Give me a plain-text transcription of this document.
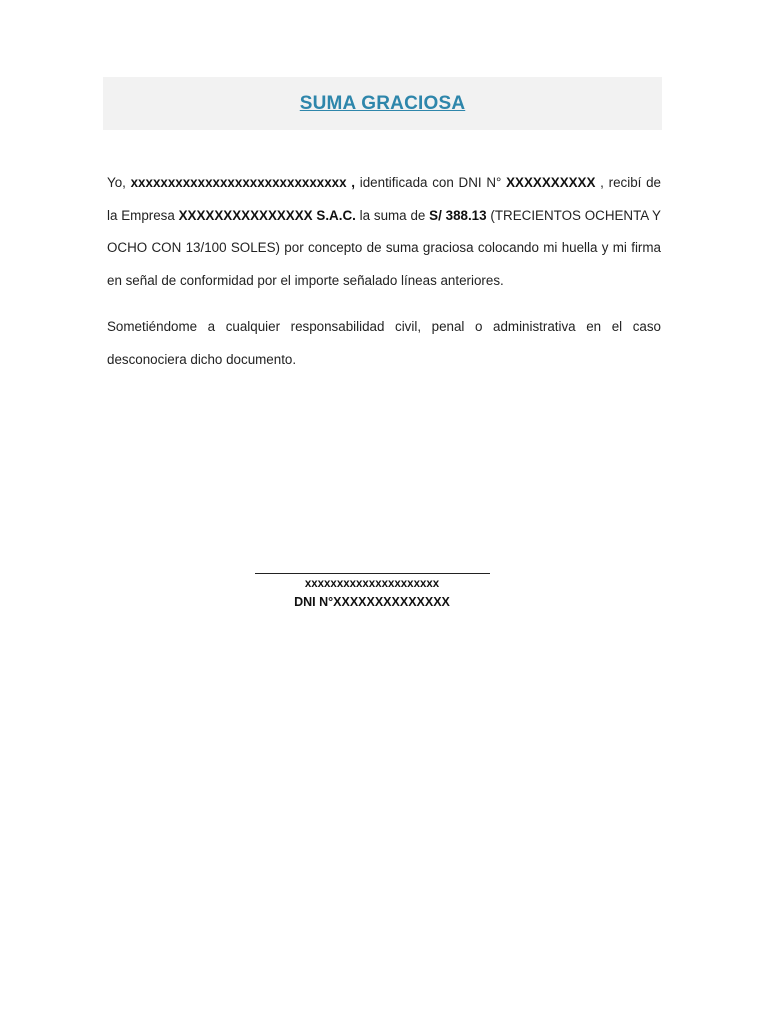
SUMA GRACIOSA
Yo, xxxxxxxxxxxxxxxxxxxxxxxxxxxxx , identificada con DNI N° XXXXXXXXXX , recibí de la Empresa XXXXXXXXXXXXXXX S.A.C. la suma de S/ 388.13 (TRECIENTOS OCHENTA Y OCHO CON 13/100 SOLES) por concepto de suma graciosa colocando mi huella y mi firma en señal de conformidad por el importe señalado líneas anteriores.
Sometiéndome a cualquier responsabilidad civil, penal o administrativa en el caso desconociera dicho documento.
xxxxxxxxxxxxxxxxxxxxx
DNI N°XXXXXXXXXXXXXX
